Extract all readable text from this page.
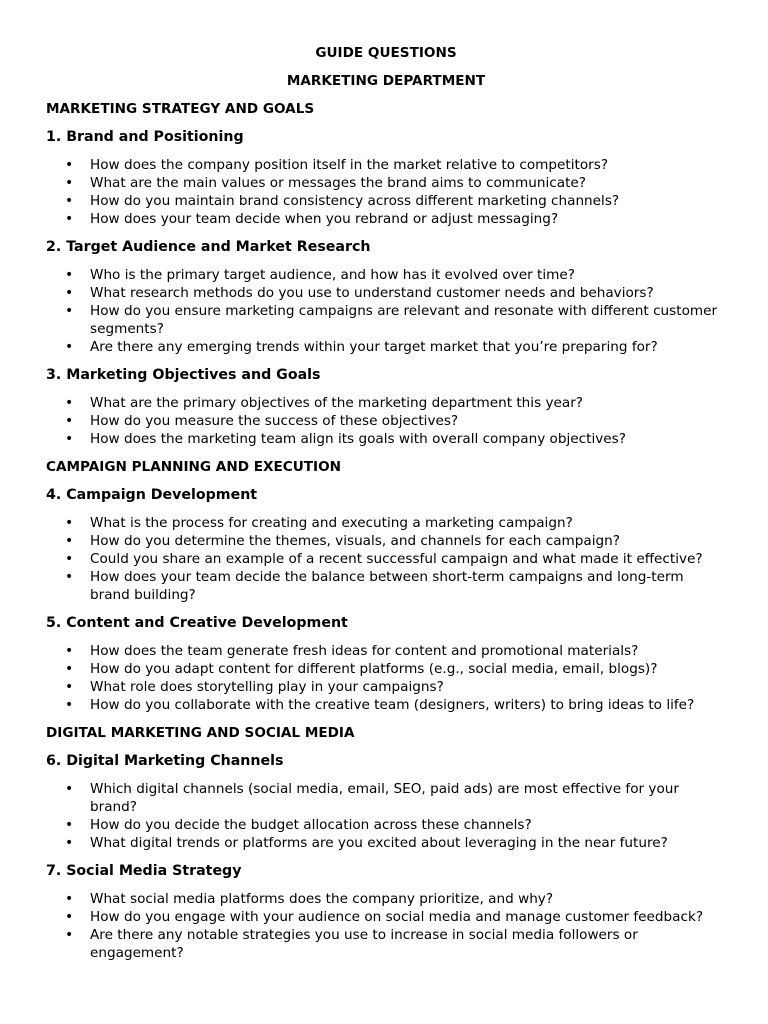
GUIDE QUESTIONS
MARKETING DEPARTMENT
MARKETING STRATEGY AND GOALS
1. Brand and Positioning
• How does the company position itself in the market relative to competitors?
• What are the main values or messages the brand aims to communicate?
• How do you maintain brand consistency across different marketing channels?
• How does your team decide when you rebrand or adjust messaging?
2. Target Audience and Market Research
• Who is the primary target audience, and how has it evolved over time?
• What research methods do you use to understand customer needs and behaviors?
• How do you ensure marketing campaigns are relevant and resonate with different customer segments?
• Are there any emerging trends within your target market that you’re preparing for?
3. Marketing Objectives and Goals
• What are the primary objectives of the marketing department this year?
• How do you measure the success of these objectives?
• How does the marketing team align its goals with overall company objectives?
CAMPAIGN PLANNING AND EXECUTION
4. Campaign Development
• What is the process for creating and executing a marketing campaign?
• How do you determine the themes, visuals, and channels for each campaign?
• Could you share an example of a recent successful campaign and what made it effective?
• How does your team decide the balance between short-term campaigns and long-term brand building?
5. Content and Creative Development
• How does the team generate fresh ideas for content and promotional materials?
• How do you adapt content for different platforms (e.g., social media, email, blogs)?
• What role does storytelling play in your campaigns?
• How do you collaborate with the creative team (designers, writers) to bring ideas to life?
DIGITAL MARKETING AND SOCIAL MEDIA
6. Digital Marketing Channels
• Which digital channels (social media, email, SEO, paid ads) are most effective for your brand?
• How do you decide the budget allocation across these channels?
• What digital trends or platforms are you excited about leveraging in the near future?
7. Social Media Strategy
• What social media platforms does the company prioritize, and why?
• How do you engage with your audience on social media and manage customer feedback?
• Are there any notable strategies you use to increase in social media followers or engagement?
